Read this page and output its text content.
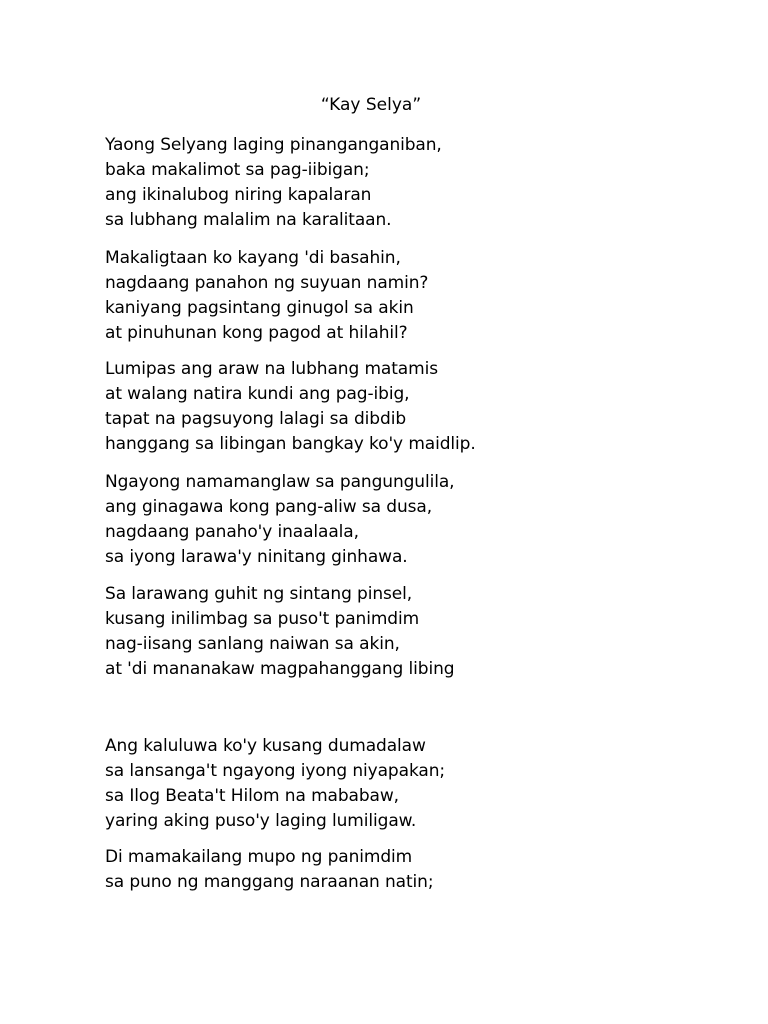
“Kay Selya”
Yaong Selyang laging pinanganganiban,
baka makalimot sa pag-iibigan;
ang ikinalubog niring kapalaran
sa lubhang malalim na karalitaan.
Makaligtaan ko kayang 'di basahin,
nagdaang panahon ng suyuan namin?
kaniyang pagsintang ginugol sa akin
at pinuhunan kong pagod at hilahil?
Lumipas ang araw na lubhang matamis
at walang natira kundi ang pag-ibig,
tapat na pagsuyong lalagi sa dibdib
hanggang sa libingan bangkay ko'y maidlip.
Ngayong namamanglaw sa pangungulila,
ang ginagawa kong pang-aliw sa dusa,
nagdaang panaho'y inaalaala,
sa iyong larawa'y ninitang ginhawa.
Sa larawang guhit ng sintang pinsel,
kusang inilimbag sa puso't panimdim
nag-iisang sanlang naiwan sa akin,
at 'di mananakaw magpahanggang libing
Ang kaluluwa ko'y kusang dumadalaw
sa lansanga't ngayong iyong niyapakan;
sa Ilog Beata't Hilom na mababaw,
yaring aking puso'y laging lumiligaw.
Di mamakailang mupo ng panimdim
sa puno ng manggang naraanan natin;
